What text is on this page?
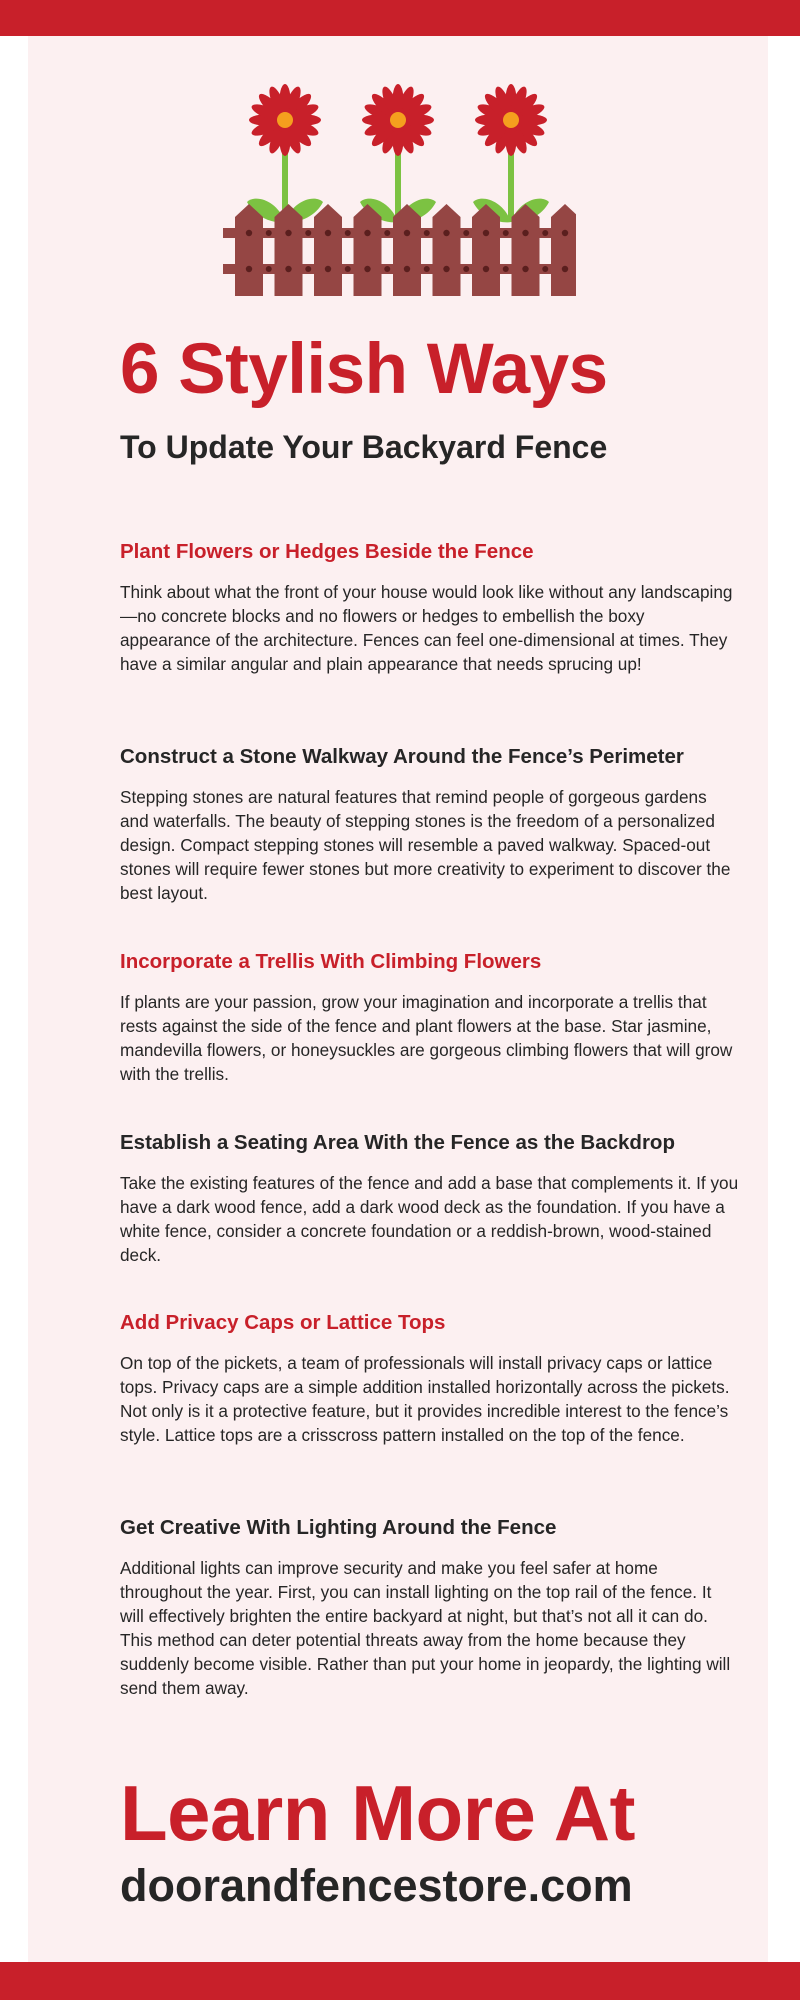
6 Stylish Ways
To Update Your Backyard Fence
Plant Flowers or Hedges Beside the Fence

Think about what the front of your house would look like without any landscaping—no concrete blocks and no flowers or hedges to embellish the boxy appearance of the architecture. Fences can feel one-dimensional at times. They have a similar angular and plain appearance that needs sprucing up!

Construct a Stone Walkway Around the Fence’s Perimeter

Stepping stones are natural features that remind people of gorgeous gardens and waterfalls. The beauty of stepping stones is the freedom of a personalized design. Compact stepping stones will resemble a paved walkway. Spaced-out stones will require fewer stones but more creativity to experiment to discover the best layout.

Incorporate a Trellis With Climbing Flowers

If plants are your passion, grow your imagination and incorporate a trellis that rests against the side of the fence and plant flowers at the base. Star jasmine, mandevilla flowers, or honeysuckles are gorgeous climbing flowers that will grow with the trellis.

Establish a Seating Area With the Fence as the Backdrop

Take the existing features of the fence and add a base that complements it. If you have a dark wood fence, add a dark wood deck as the foundation. If you have a white fence, consider a concrete foundation or a reddish-brown, wood-stained deck.

Add Privacy Caps or Lattice Tops

On top of the pickets, a team of professionals will install privacy caps or lattice tops. Privacy caps are a simple addition installed horizontally across the pickets. Not only is it a protective feature, but it provides incredible interest to the fence’s style. Lattice tops are a crisscross pattern installed on the top of the fence.

Get Creative With Lighting Around the Fence

Additional lights can improve security and make you feel safer at home throughout the year. First, you can install lighting on the top rail of the fence. It will effectively brighten the entire backyard at night, but that’s not all it can do. This method can deter potential threats away from the home because they suddenly become visible. Rather than put your home in jeopardy, the lighting will send them away.

Learn More At
doorandfencestore.com
